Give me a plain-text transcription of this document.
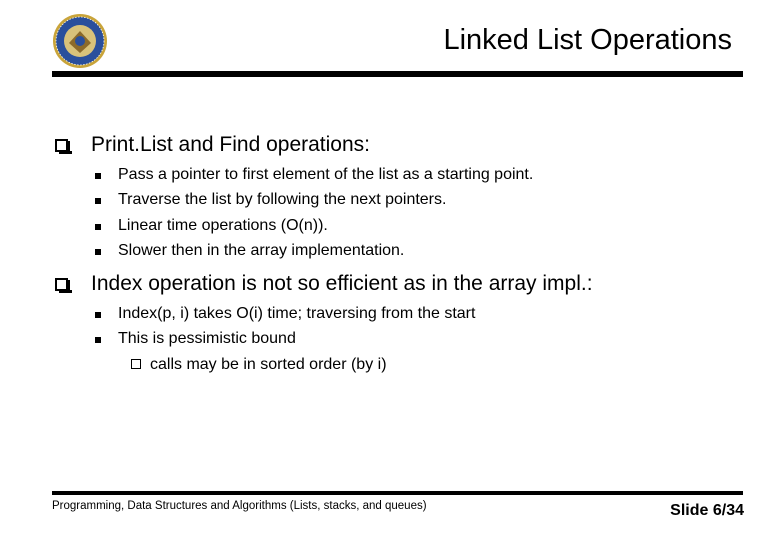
Linked List Operations
Print.List and Find operations:
Pass a pointer to first element of the list as a starting point.
Traverse the list by following the next pointers.
Linear time operations (O(n)).
Slower then in the array implementation.
Index operation is not so efficient as in the array impl.:
Index(p, i) takes O(i) time; traversing from the start
This is pessimistic bound
calls may be in sorted order (by i)
Programming, Data Structures and Algorithms (Lists, stacks, and queues)	Slide 6/34
